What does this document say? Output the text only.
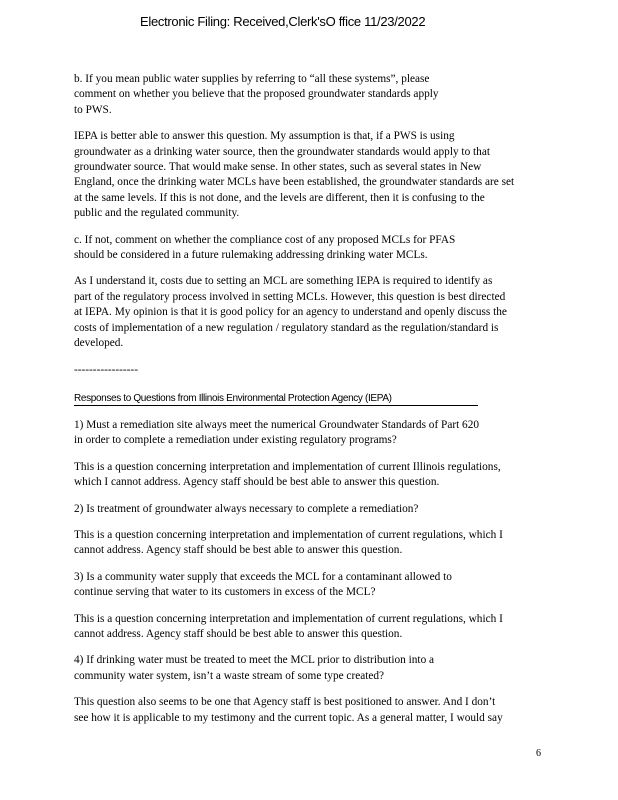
Electronic Filing: Received,Clerk'sO ffice 11/23/2022

b. If you mean public water supplies by referring to “all these systems”, please
comment on whether you believe that the proposed groundwater standards apply
to PWS.

IEPA is better able to answer this question. My assumption is that, if a PWS is using
groundwater as a drinking water source, then the groundwater standards would apply to that
groundwater source. That would make sense. In other states, such as several states in New
England, once the drinking water MCLs have been established, the groundwater standards are set
at the same levels. If this is not done, and the levels are different, then it is confusing to the
public and the regulated community.

c. If not, comment on whether the compliance cost of any proposed MCLs for PFAS
should be considered in a future rulemaking addressing drinking water MCLs.

As I understand it, costs due to setting an MCL are something IEPA is required to identify as
part of the regulatory process involved in setting MCLs. However, this question is best directed
at IEPA. My opinion is that it is good policy for an agency to understand and openly discuss the
costs of implementation of a new regulation / regulatory standard as the regulation/standard is
developed.

-----------------

Responses to Questions from Illinois Environmental Protection Agency (IEPA)

1) Must a remediation site always meet the numerical Groundwater Standards of Part 620
in order to complete a remediation under existing regulatory programs?

This is a question concerning interpretation and implementation of current Illinois regulations,
which I cannot address. Agency staff should be best able to answer this question.

2) Is treatment of groundwater always necessary to complete a remediation?

This is a question concerning interpretation and implementation of current regulations, which I
cannot address. Agency staff should be best able to answer this question.

3) Is a community water supply that exceeds the MCL for a contaminant allowed to
continue serving that water to its customers in excess of the MCL?

This is a question concerning interpretation and implementation of current regulations, which I
cannot address. Agency staff should be best able to answer this question.

4) If drinking water must be treated to meet the MCL prior to distribution into a
community water system, isn’t a waste stream of some type created?

This question also seems to be one that Agency staff is best positioned to answer. And I don’t
see how it is applicable to my testimony and the current topic. As a general matter, I would say

6
